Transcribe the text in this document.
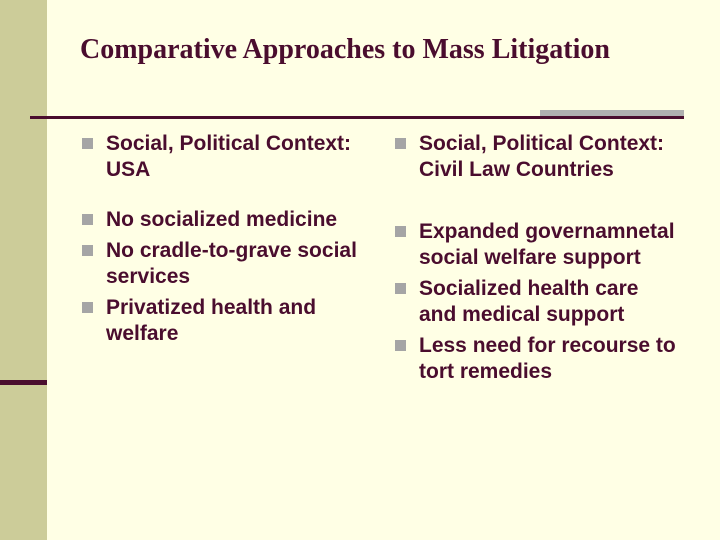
Comparative Approaches to Mass Litigation
Social, Political Context: USA
No socialized medicine
No cradle-to-grave social services
Privatized health and welfare
Social, Political Context: Civil Law Countries
Expanded governamnetal social welfare support
Socialized health care and medical support
Less need for recourse to tort remedies
